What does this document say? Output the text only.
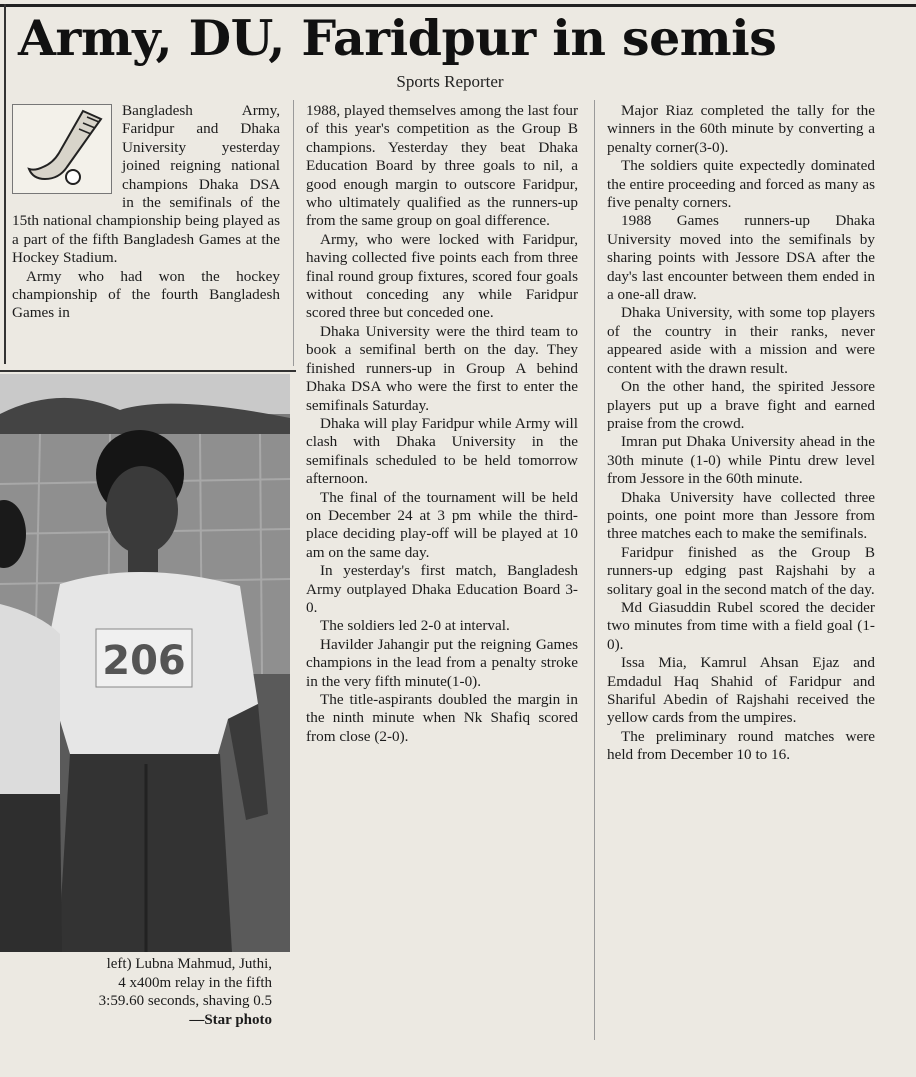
Army, DU, Faridpur in semis
Sports Reporter

Bangladesh Army, Faridpur and Dhaka University yesterday joined reigning national champions Dhaka DSA in the semifinals of the 15th national championship being played as a part of the fifth Bangladesh Games at the Hockey Stadium.

Army who had won the hockey championship of the fourth Bangladesh Games in

206
left) Lubna Mahmud, Juthi,
4 x400m relay in the fifth
3:59.60 seconds, shaving 0.5
—Star photo

1988, played themselves among the last four of this year's competition as the Group B champions. Yesterday they beat Dhaka Education Board by three goals to nil, a good enough margin to outscore Faridpur, who ultimately qualified as the runners-up from the same group on goal difference.

Army, who were locked with Faridpur, having collected five points each from three final round group fixtures, scored four goals without conceding any while Faridpur scored three but conceded one.

Dhaka University were the third team to book a semifinal berth on the day. They finished runners-up in Group A behind Dhaka DSA who were the first to enter the semifinals Saturday.

Dhaka will play Faridpur while Army will clash with Dhaka University in the semifinals scheduled to be held tomorrow afternoon.

The final of the tournament will be held on December 24 at 3 pm while the third-place deciding play-off will be played at 10 am on the same day.

In yesterday's first match, Bangladesh Army outplayed Dhaka Education Board 3-0.

The soldiers led 2-0 at interval.

Havilder Jahangir put the reigning Games champions in the lead from a penalty stroke in the very fifth minute(1-0).

The title-aspirants doubled the margin in the ninth minute when Nk Shafiq scored from close (2-0).

Major Riaz completed the tally for the winners in the 60th minute by converting a penalty corner(3-0).

The soldiers quite expectedly dominated the entire proceeding and forced as many as five penalty corners.

1988 Games runners-up Dhaka University moved into the semifinals by sharing points with Jessore DSA after the day's last encounter between them ended in a one-all draw.

Dhaka University, with some top players of the country in their ranks, never appeared aside with a mission and were content with the drawn result.

On the other hand, the spirited Jessore players put up a brave fight and earned praise from the crowd.

Imran put Dhaka University ahead in the 30th minute (1-0) while Pintu drew level from Jessore in the 60th minute.

Dhaka University have collected three points, one point more than Jessore from three matches each to make the semifinals.

Faridpur finished as the Group B runners-up edging past Rajshahi by a solitary goal in the second match of the day.

Md Giasuddin Rubel scored the decider two minutes from time with a field goal (1-0).

Issa Mia, Kamrul Ahsan Ejaz and Emdadul Haq Shahid of Faridpur and Shariful Abedin of Rajshahi received the yellow cards from the umpires.

The preliminary round matches were held from December 10 to 16.
